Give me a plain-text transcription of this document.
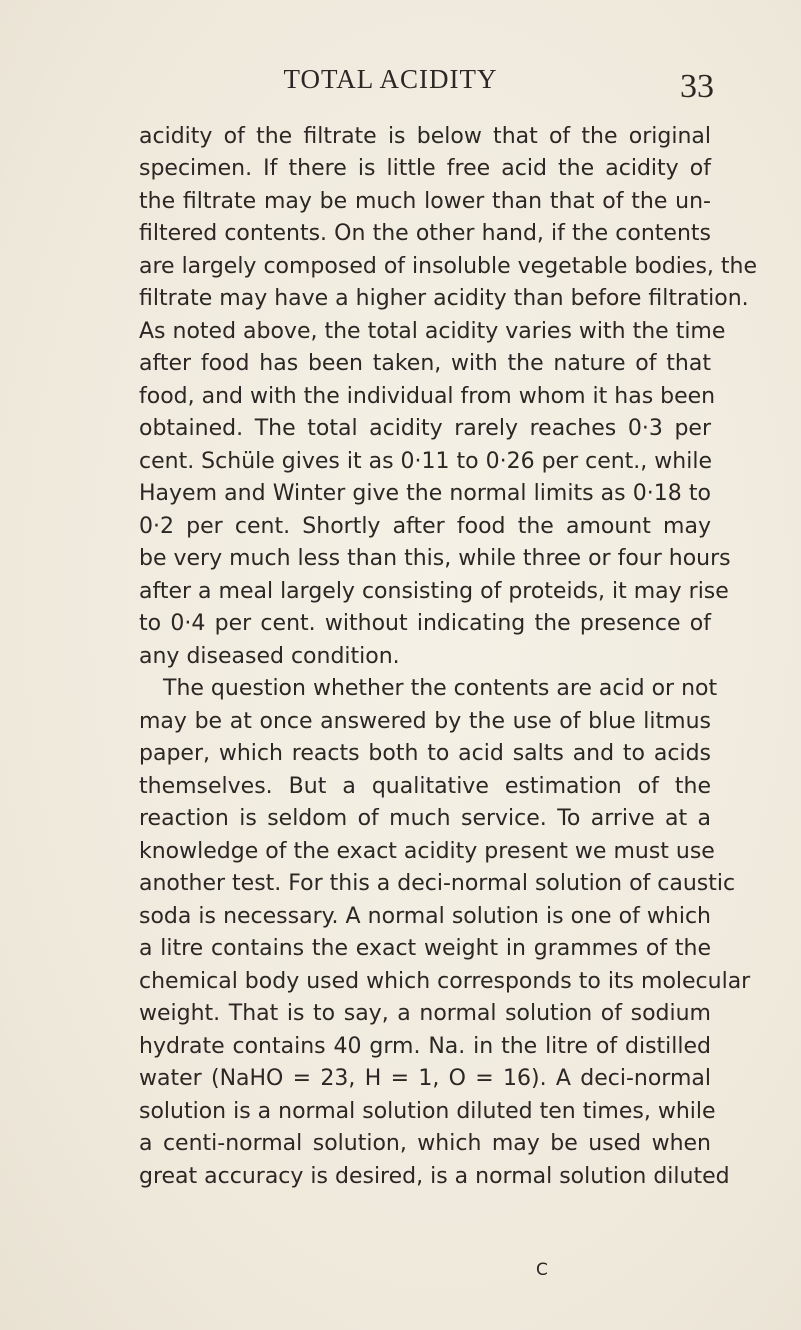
TOTAL ACIDITY	33
acidity of the filtrate is below that of the original
specimen. If there is little free acid the acidity of
the filtrate may be much lower than that of the un-
filtered contents. On the other hand, if the contents
are largely composed of insoluble vegetable bodies, the
filtrate may have a higher acidity than before filtration.
As noted above, the total acidity varies with the time
after food has been taken, with the nature of that
food, and with the individual from whom it has been
obtained. The total acidity rarely reaches 0·3 per
cent. Schüle gives it as 0·11 to 0·26 per cent., while
Hayem and Winter give the normal limits as 0·18 to
0·2 per cent. Shortly after food the amount may
be very much less than this, while three or four hours
after a meal largely consisting of proteids, it may rise
to 0·4 per cent. without indicating the presence of
any diseased condition.
The question whether the contents are acid or not
may be at once answered by the use of blue litmus
paper, which reacts both to acid salts and to acids
themselves. But a qualitative estimation of the
reaction is seldom of much service. To arrive at a
knowledge of the exact acidity present we must use
another test. For this a deci-normal solution of caustic
soda is necessary. A normal solution is one of which
a litre contains the exact weight in grammes of the
chemical body used which corresponds to its molecular
weight. That is to say, a normal solution of sodium
hydrate contains 40 grm. Na. in the litre of distilled
water (NaHO = 23, H = 1, O = 16). A deci-normal
solution is a normal solution diluted ten times, while
a centi-normal solution, which may be used when
great accuracy is desired, is a normal solution diluted
C
